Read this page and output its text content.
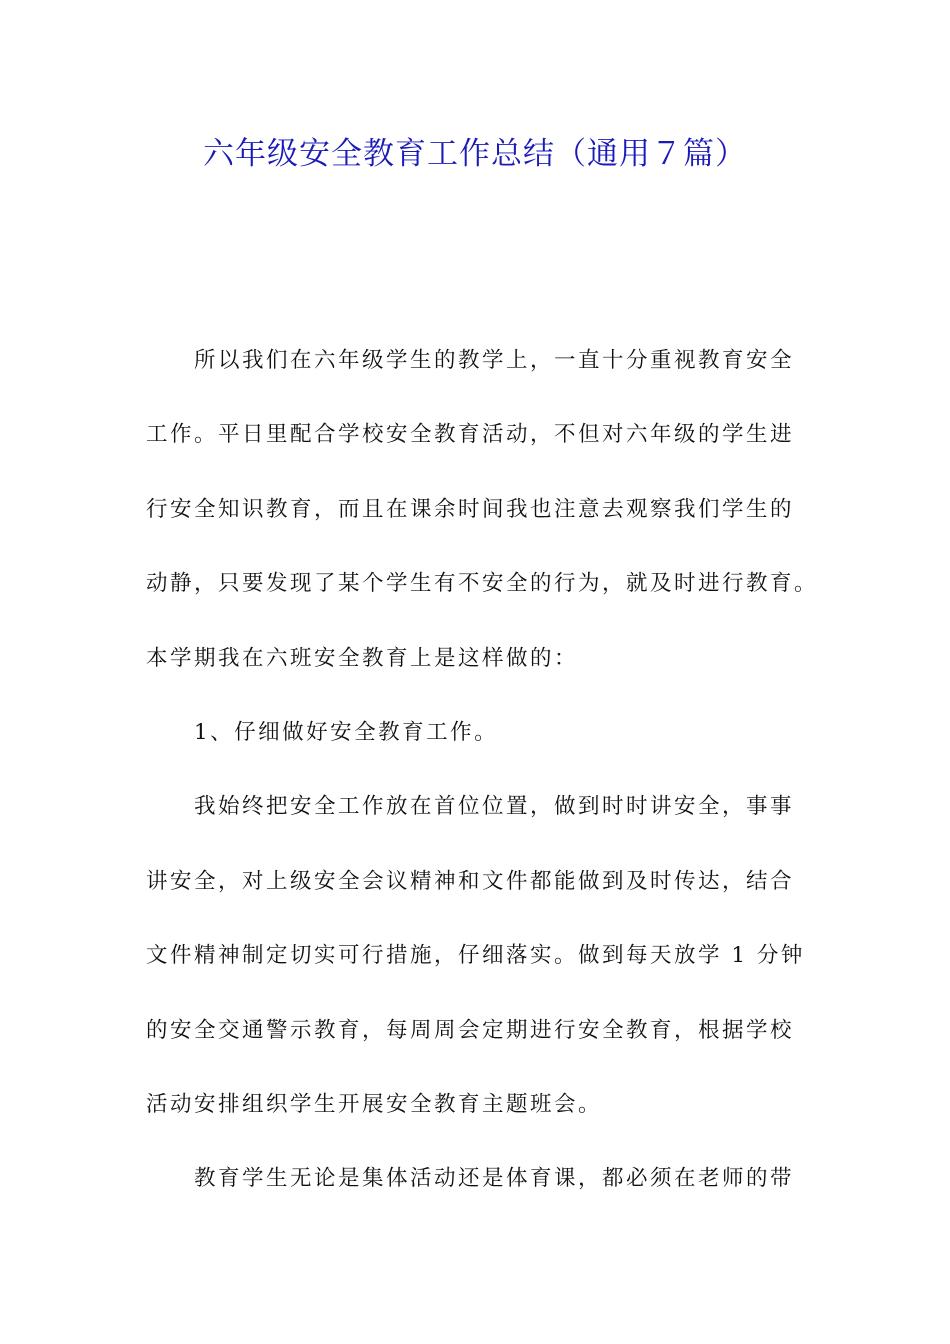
六年级安全教育工作总结（通用７篇）
所以我们在六年级学生的教学上，一直十分重视教育安全
工作。平日里配合学校安全教育活动，不但对六年级的学生进
行安全知识教育，而且在课余时间我也注意去观察我们学生的
动静，只要发现了某个学生有不安全的行为，就及时进行教育。
本学期我在六班安全教育上是这样做的：
1、仔细做好安全教育工作。
我始终把安全工作放在首位位置，做到时时讲安全，事事
讲安全，对上级安全会议精神和文件都能做到及时传达，结合
文件精神制定切实可行措施，仔细落实。做到每天放学 1 分钟
的安全交通警示教育，每周周会定期进行安全教育，根据学校
活动安排组织学生开展安全教育主题班会。
教育学生无论是集体活动还是体育课，都必须在老师的带
